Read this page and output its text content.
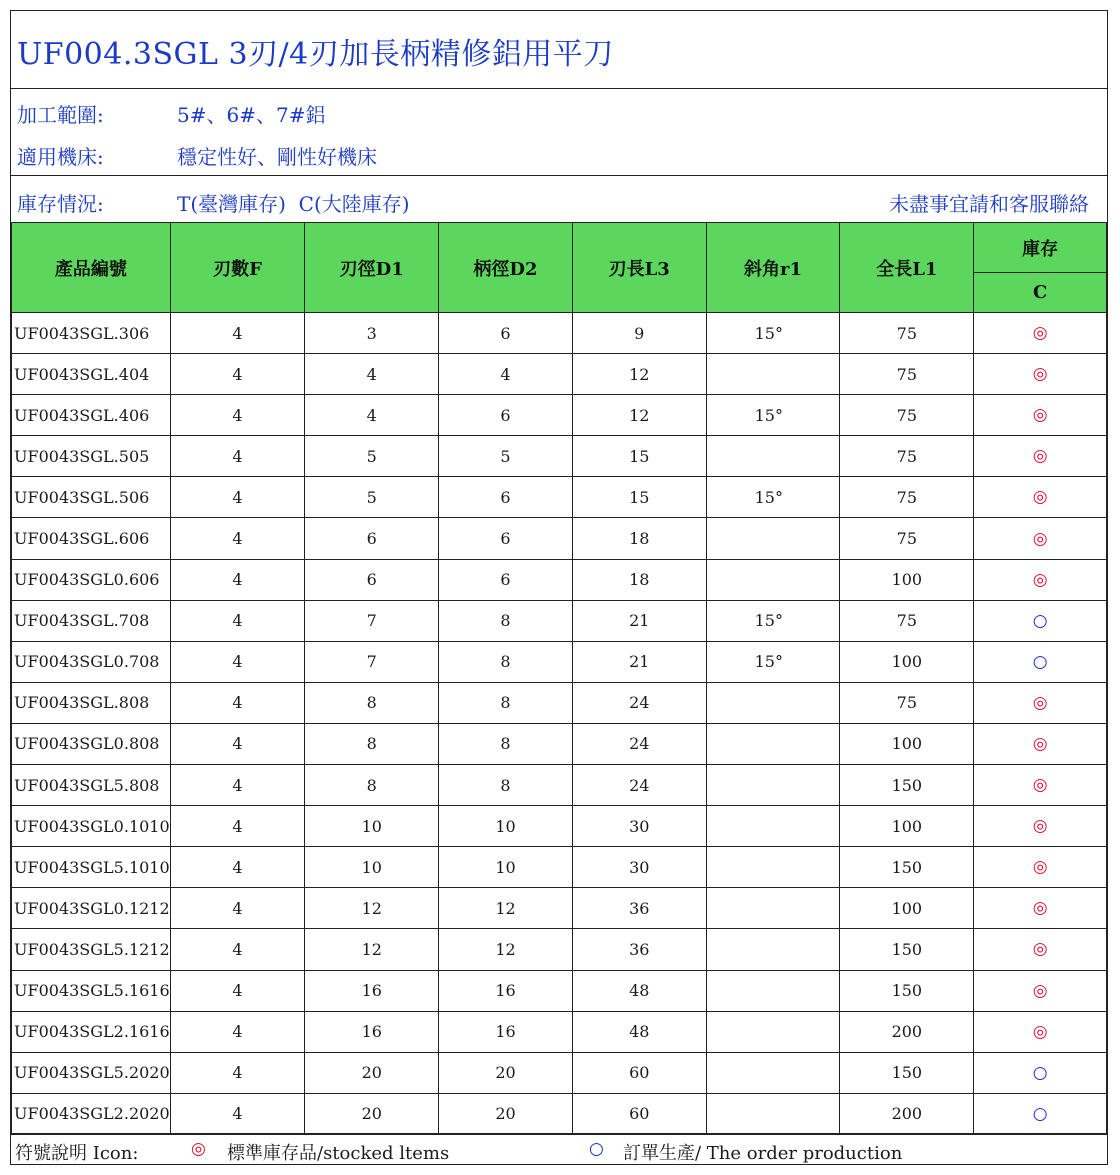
UF004.3SGL 3刃/4刃加長柄精修鋁用平刀
加工範圍:	5#、6#、7#鋁
適用機床:	穩定性好、剛性好機床
庫存情況:	T(臺灣庫存)  C(大陸庫存)	未盡事宜請和客服聯絡
產品編號	刃數F	刃徑D1	柄徑D2	刃長L3	斜角r1	全長L1	庫存
							C
UF0043SGL.306	4	3	6	9	15°	75	◎
UF0043SGL.404	4	4	4	12		75	◎
UF0043SGL.406	4	4	6	12	15°	75	◎
UF0043SGL.505	4	5	5	15		75	◎
UF0043SGL.506	4	5	6	15	15°	75	◎
UF0043SGL.606	4	6	6	18		75	◎
UF0043SGL0.606	4	6	6	18		100	◎
UF0043SGL.708	4	7	8	21	15°	75	○
UF0043SGL0.708	4	7	8	21	15°	100	○
UF0043SGL.808	4	8	8	24		75	◎
UF0043SGL0.808	4	8	8	24		100	◎
UF0043SGL5.808	4	8	8	24		150	◎
UF0043SGL0.1010	4	10	10	30		100	◎
UF0043SGL5.1010	4	10	10	30		150	◎
UF0043SGL0.1212	4	12	12	36		100	◎
UF0043SGL5.1212	4	12	12	36		150	◎
UF0043SGL5.1616	4	16	16	48		150	◎
UF0043SGL2.1616	4	16	16	48		200	◎
UF0043SGL5.2020	4	20	20	60		150	○
UF0043SGL2.2020	4	20	20	60		200	○
符號說明 Icon:	◎ 標準庫存品/stocked ltems	○ 訂單生產/ The order production
